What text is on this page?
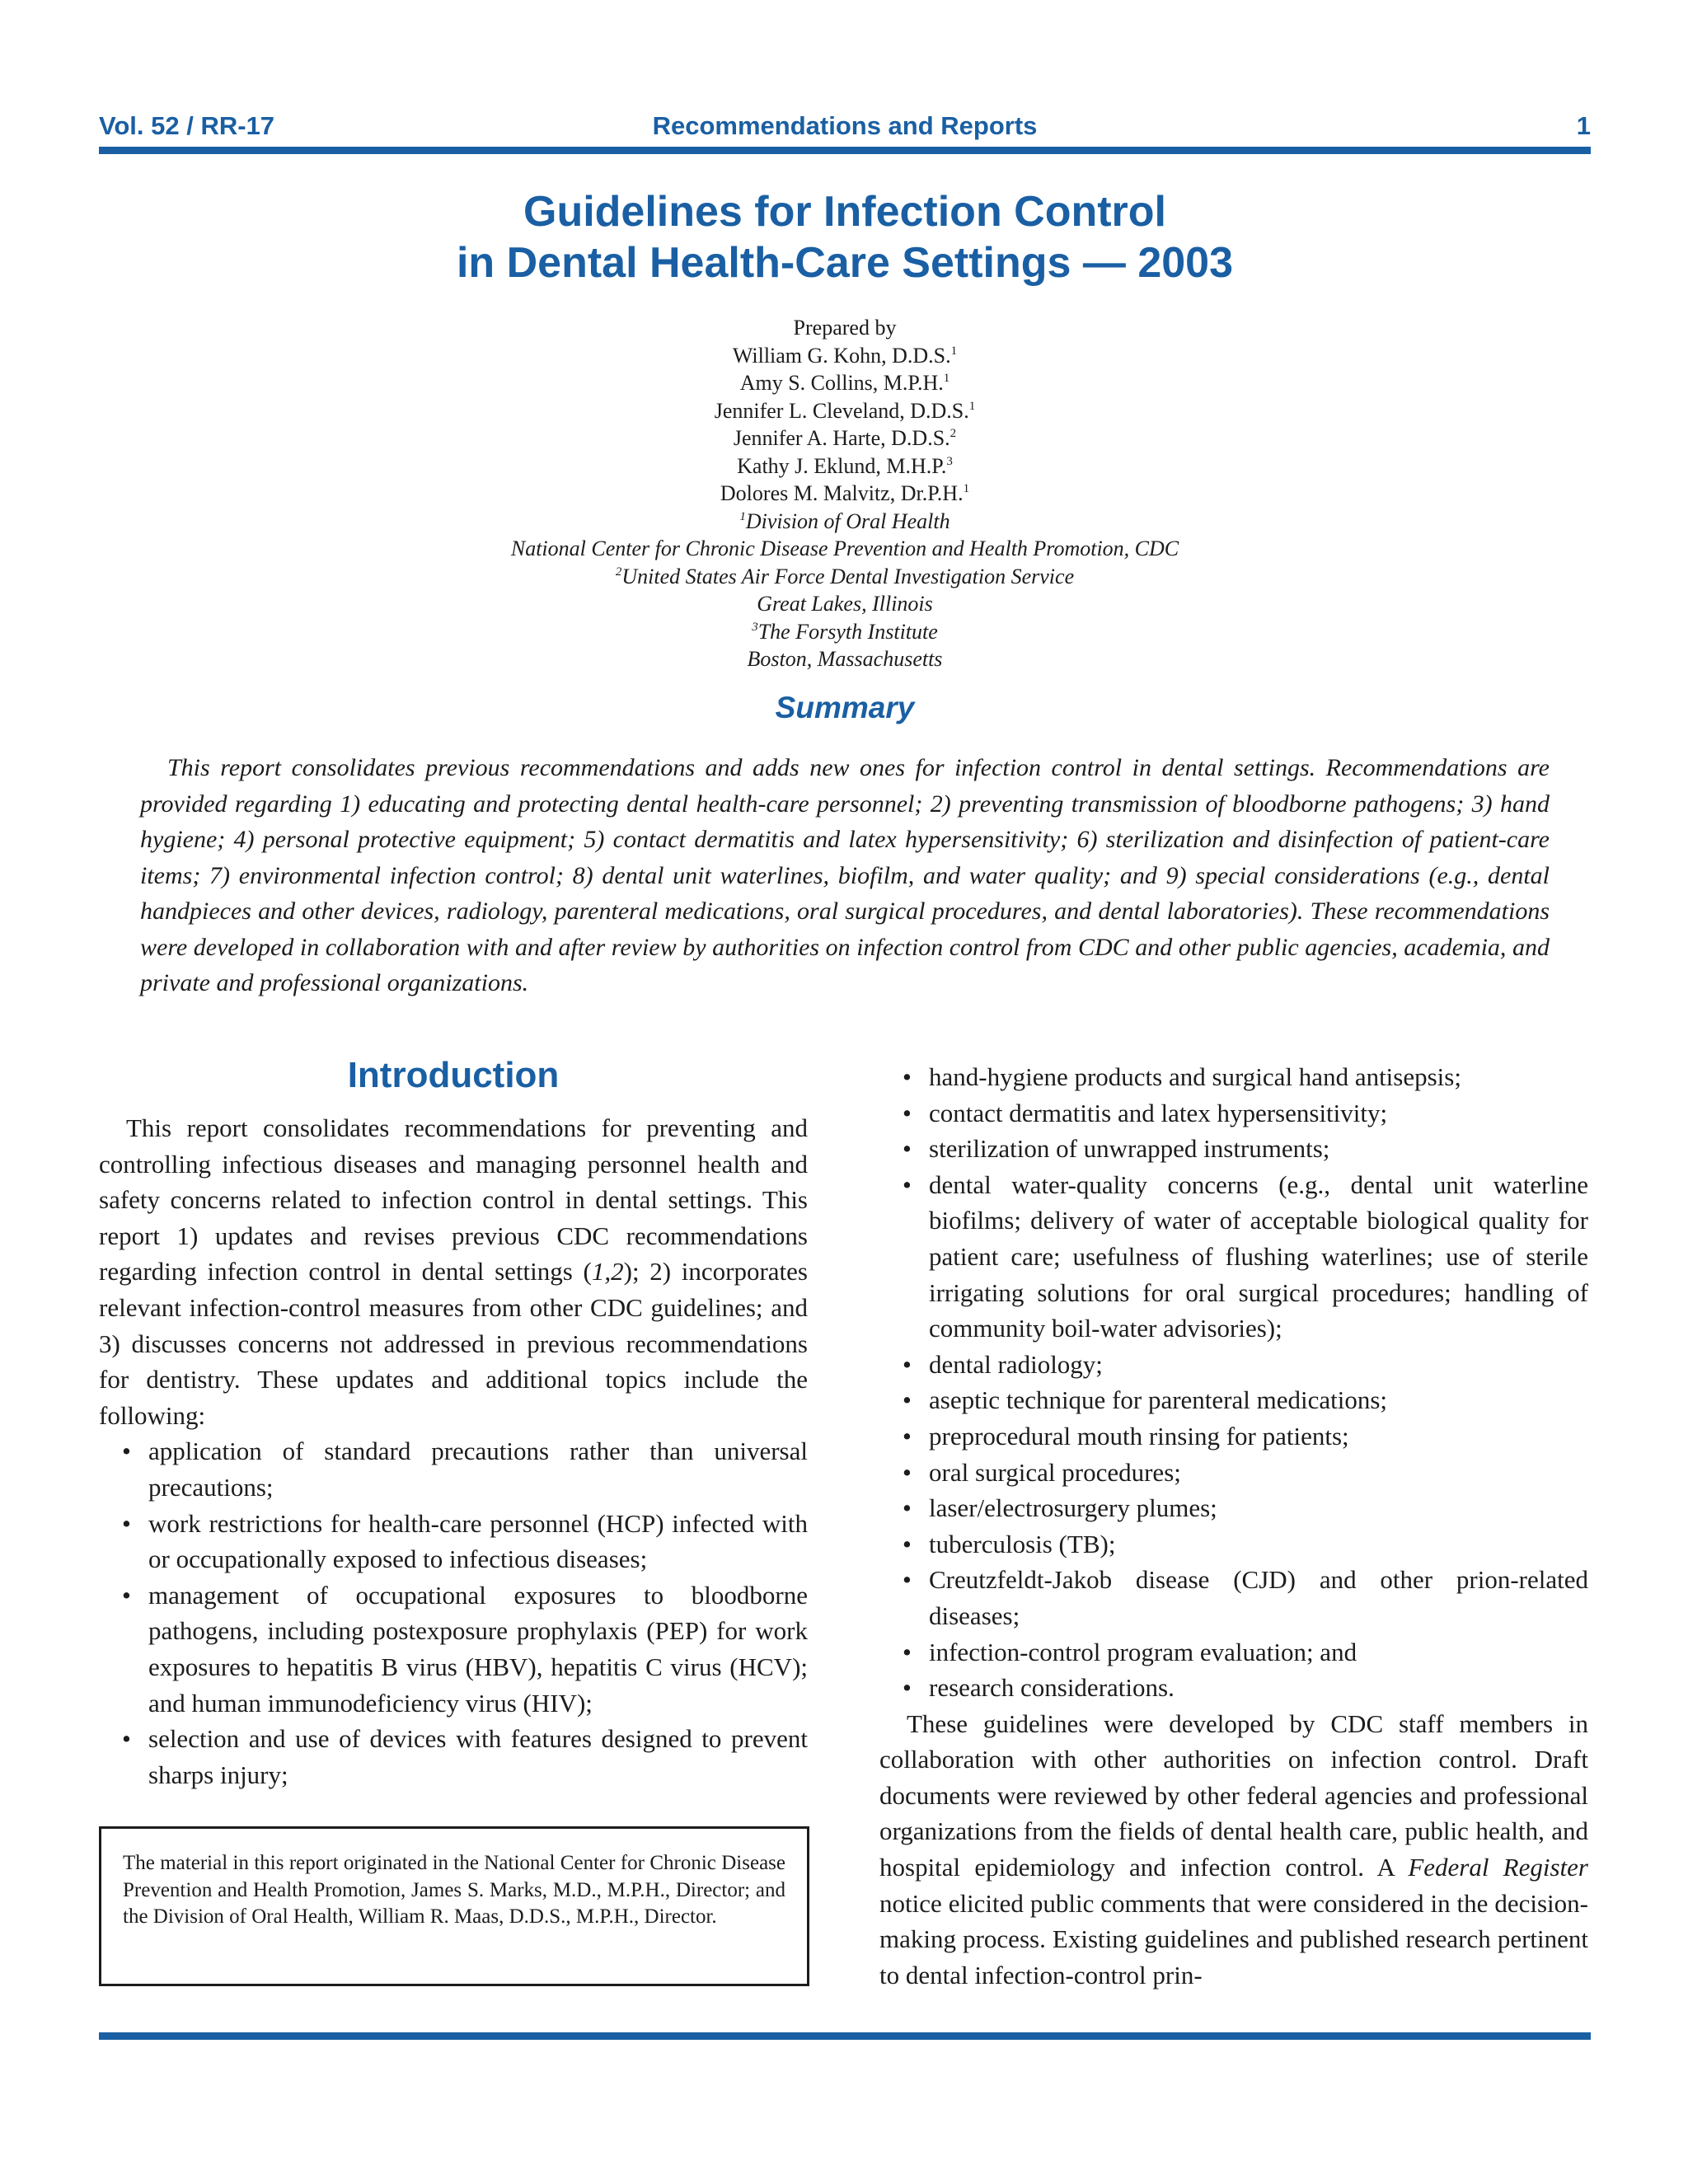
Vol. 52 / RR-17	Recommendations and Reports	1
Guidelines for Infection Control
in Dental Health-Care Settings — 2003
Prepared by
William G. Kohn, D.D.S.$^1$
Amy S. Collins, M.P.H.$^1$
Jennifer L. Cleveland, D.D.S.$^1$
Jennifer A. Harte, D.D.S.$^2$
Kathy J. Eklund, M.H.P.$^3$
Dolores M. Malvitz, Dr.P.H.$^1$
$^1$Division of Oral Health
National Center for Chronic Disease Prevention and Health Promotion, CDC
$^2$United States Air Force Dental Investigation Service
Great Lakes, Illinois
$^3$The Forsyth Institute
Boston, Massachusetts
Summary

This report consolidates previous recommendations and adds new ones for infection control in dental settings. Recommendations are provided regarding 1) educating and protecting dental health-care personnel; 2) preventing transmission of bloodborne pathogens; 3) hand hygiene; 4) personal protective equipment; 5) contact dermatitis and latex hypersensitivity; 6) sterilization and disinfection of patient-care items; 7) environmental infection control; 8) dental unit waterlines, biofilm, and water quality; and 9) special considerations (e.g., dental handpieces and other devices, radiology, parenteral medications, oral surgical procedures, and dental laboratories). These recommendations were developed in collaboration with and after review by authorities on infection control from CDC and other public agencies, academia, and private and professional organizations.

Introduction

This report consolidates recommendations for preventing and controlling infectious diseases and managing personnel health and safety concerns related to infection control in dental settings. This report 1) updates and revises previous CDC recommendations regarding infection control in dental settings (1,2); 2) incorporates relevant infection-control measures from other CDC guidelines; and 3) discusses concerns not addressed in previous recommendations for dentistry. These updates and additional topics include the following:

• application of standard precautions rather than universal precautions;
• work restrictions for health-care personnel (HCP) infected with or occupationally exposed to infectious diseases;
• management of occupational exposures to bloodborne pathogens, including postexposure prophylaxis (PEP) for work exposures to hepatitis B virus (HBV), hepatitis C virus (HCV); and human immunodeficiency virus (HIV);
• selection and use of devices with features designed to prevent sharps injury;
The material in this report originated in the National Center for Chronic Disease Prevention and Health Promotion, James S. Marks, M.D., M.P.H., Director; and the Division of Oral Health, William R. Maas, D.D.S., M.P.H., Director.
• hand-hygiene products and surgical hand antisepsis;
• contact dermatitis and latex hypersensitivity;
• sterilization of unwrapped instruments;
• dental water-quality concerns (e.g., dental unit waterline biofilms; delivery of water of acceptable biological quality for patient care; usefulness of flushing waterlines; use of sterile irrigating solutions for oral surgical procedures; handling of community boil-water advisories);
• dental radiology;
• aseptic technique for parenteral medications;
• preprocedural mouth rinsing for patients;
• oral surgical procedures;
• laser/electrosurgery plumes;
• tuberculosis (TB);
• Creutzfeldt-Jakob disease (CJD) and other prion-related diseases;
• infection-control program evaluation; and
• research considerations.

These guidelines were developed by CDC staff members in collaboration with other authorities on infection control. Draft documents were reviewed by other federal agencies and professional organizations from the fields of dental health care, public health, and hospital epidemiology and infection control. A Federal Register notice elicited public comments that were considered in the decision-making process. Existing guidelines and published research pertinent to dental infection-control prin-
